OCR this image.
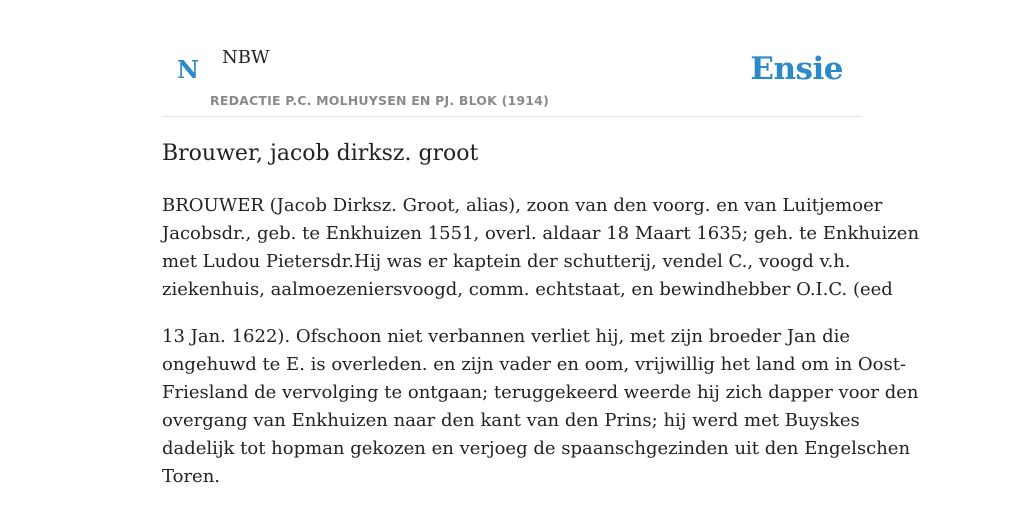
N NBW
REDACTIE P.C. MOLHUYSEN EN PJ. BLOK (1914)
Ensie
Brouwer, jacob dirksz. groot

BROUWER (Jacob Dirksz. Groot, alias), zoon van den voorg. en van Luitjemoer
Jacobsdr., geb. te Enkhuizen 1551, overl. aldaar 18 Maart 1635; geh. te Enkhuizen
met Ludou Pietersdr.Hij was er kaptein der schutterij, vendel C., voogd v.h.
ziekenhuis, aalmoezeniersvoogd, comm. echtstaat, en bewindhebber O.I.C. (eed

13 Jan. 1622). Ofschoon niet verbannen verliet hij, met zijn broeder Jan die
ongehuwd te E. is overleden. en zijn vader en oom, vrijwillig het land om in Oost-
Friesland de vervolging te ontgaan; teruggekeerd weerde hij zich dapper voor den
overgang van Enkhuizen naar den kant van den Prins; hij werd met Buyskes
dadelijk tot hopman gekozen en verjoeg de spaanschgezinden uit den Engelschen
Toren.
